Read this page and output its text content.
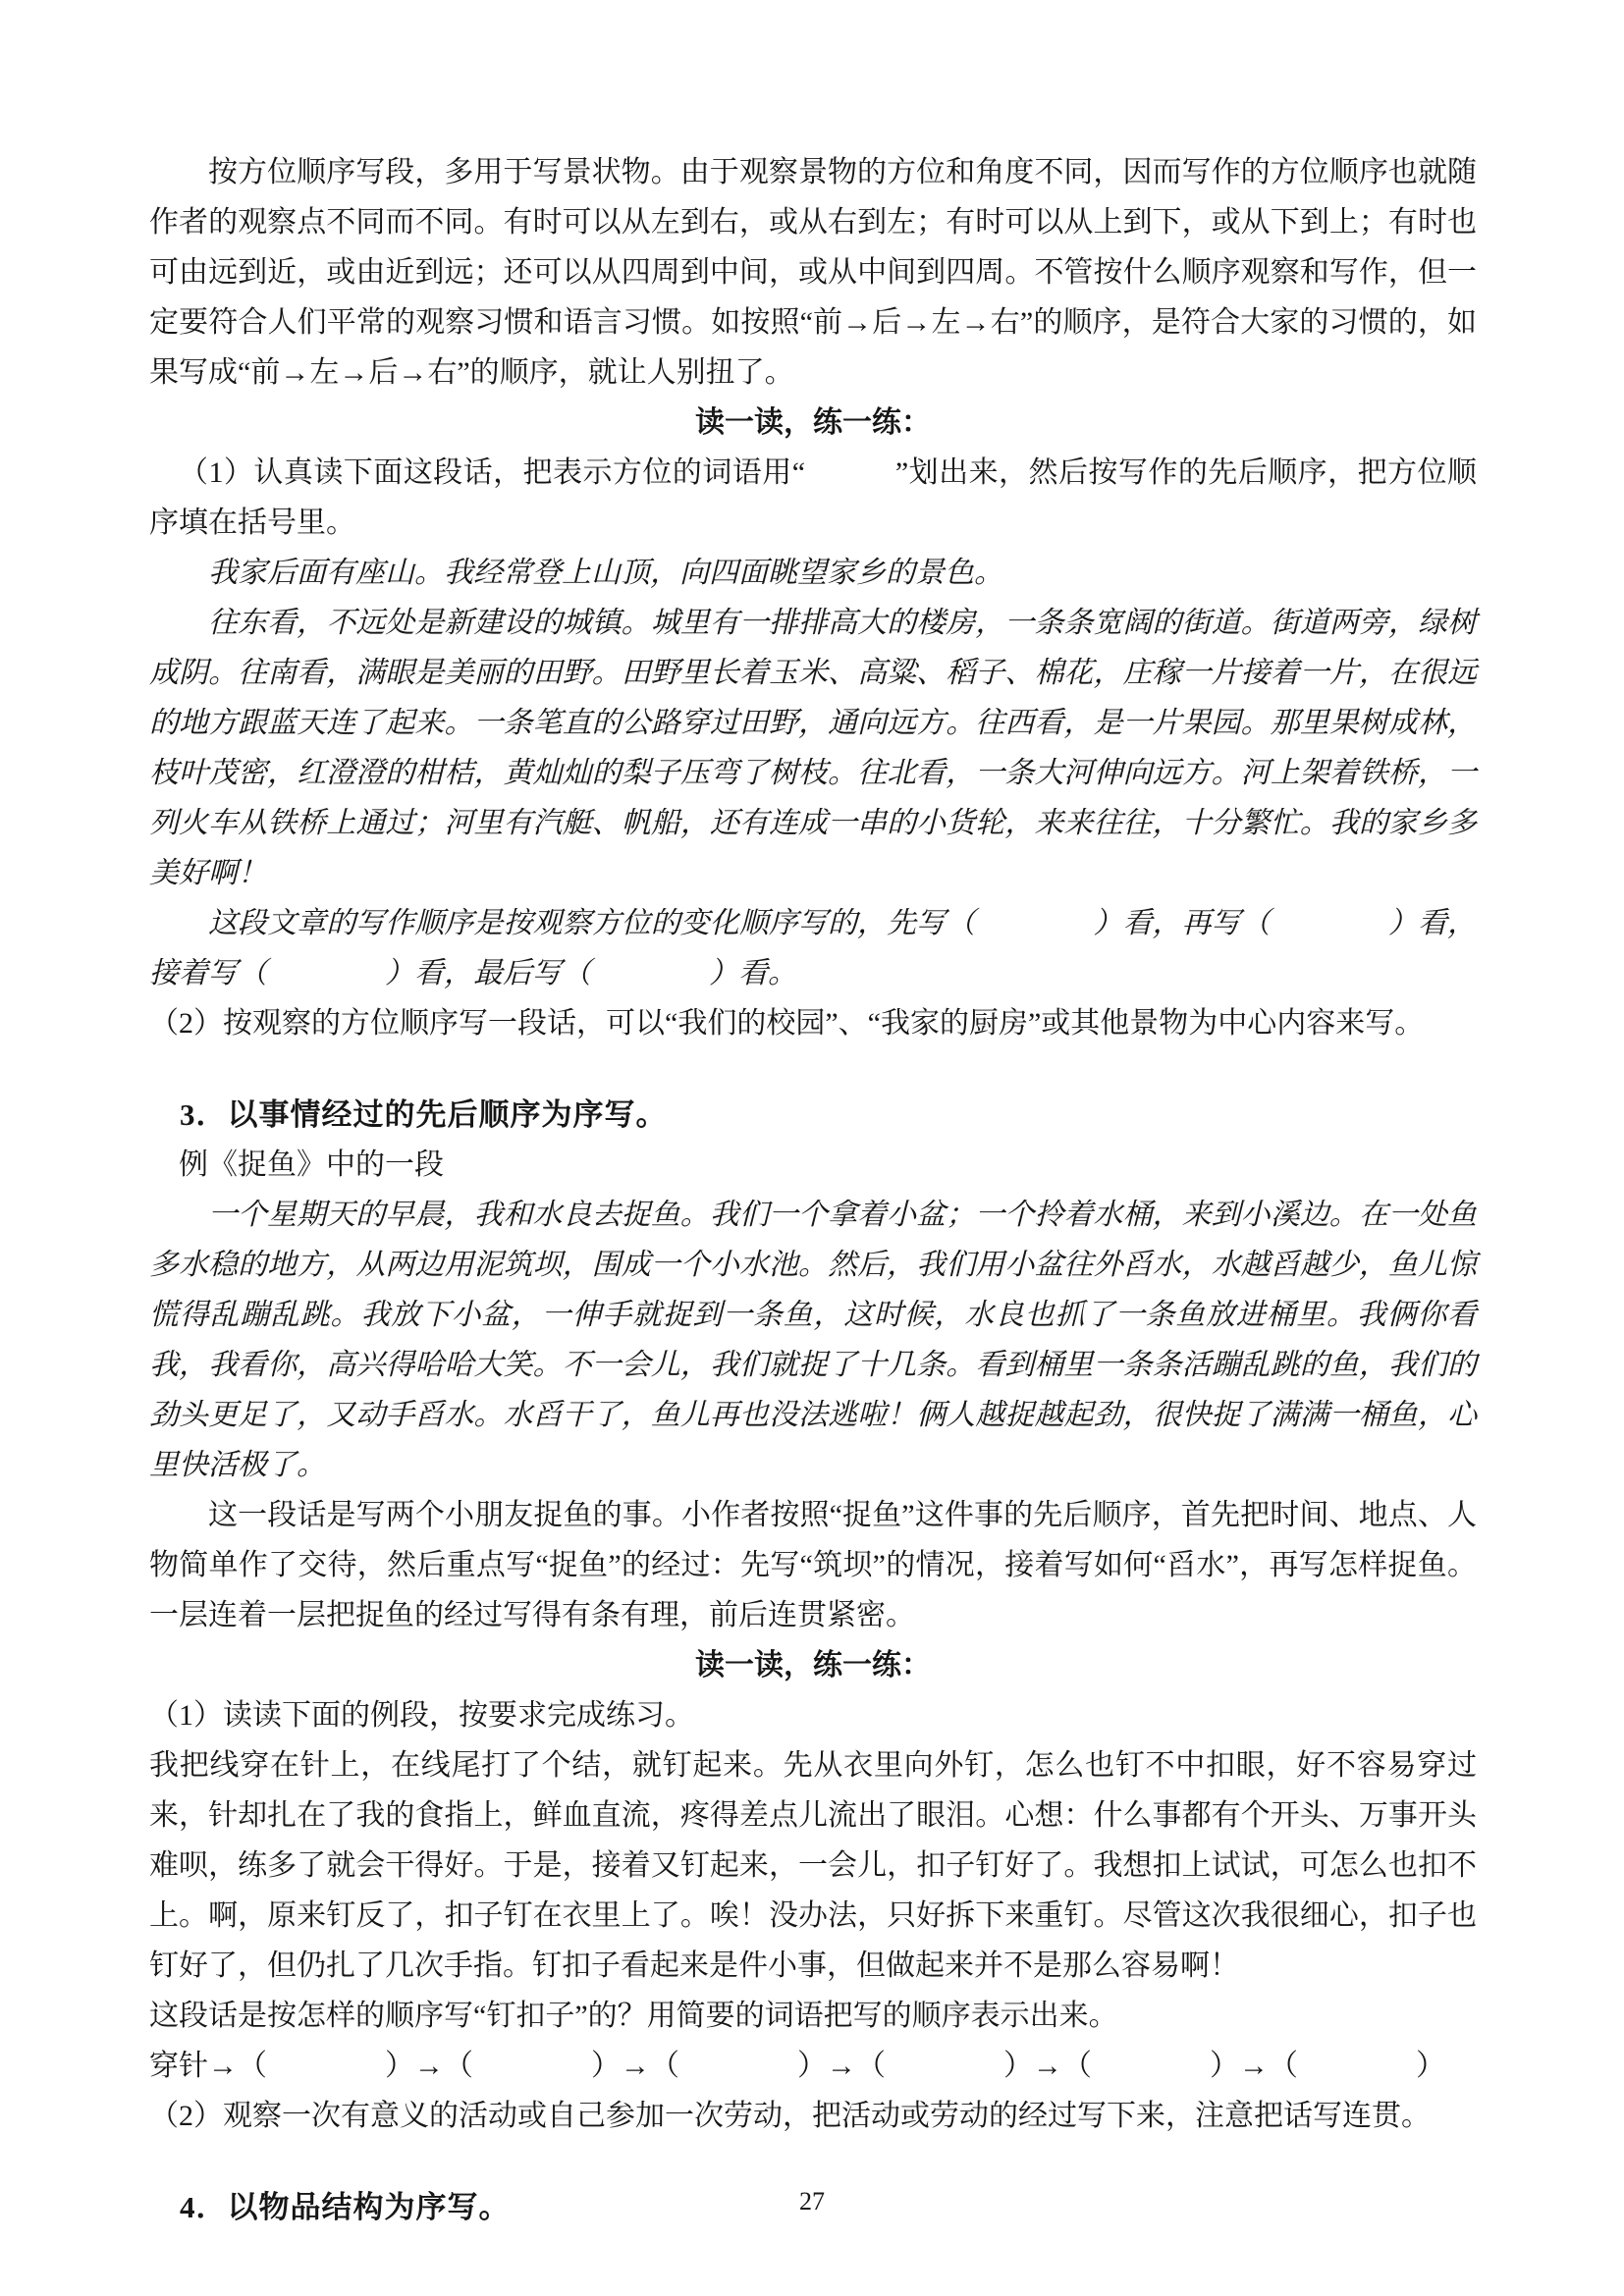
按方位顺序写段，多用于写景状物。由于观察景物的方位和角度不同，因而写作的方位顺序也就随作者的观察点不同而不同。有时可以从左到右，或从右到左；有时可以从上到下，或从下到上；有时也可由远到近，或由近到远；还可以从四周到中间，或从中间到四周。不管按什么顺序观察和写作，但一定要符合人们平常的观察习惯和语言习惯。如按照“前→后→左→右”的顺序，是符合大家的习惯的，如果写成“前→左→后→右”的顺序，就让人别扭了。

读一读，练一练：

（1）认真读下面这段话，把表示方位的词语用“　　　”划出来，然后按写作的先后顺序，把方位顺序填在括号里。

我家后面有座山。我经常登上山顶，向四面眺望家乡的景色。

往东看，不远处是新建设的城镇。城里有一排排高大的楼房，一条条宽阔的街道。街道两旁，绿树成阴。往南看，满眼是美丽的田野。田野里长着玉米、高粱、稻子、棉花，庄稼一片接着一片，在很远的地方跟蓝天连了起来。一条笔直的公路穿过田野，通向远方。往西看，是一片果园。那里果树成林，枝叶茂密，红澄澄的柑桔，黄灿灿的梨子压弯了树枝。往北看，一条大河伸向远方。河上架着铁桥，一列火车从铁桥上通过；河里有汽艇、帆船，还有连成一串的小货轮，来来往往，十分繁忙。我的家乡多美好啊！

这段文章的写作顺序是按观察方位的变化顺序写的，先写（　　　　）看，再写（　　　　）看，接着写（　　　　）看，最后写（　　　　）看。

（2）按观察的方位顺序写一段话，可以“我们的校园”、“我家的厨房”或其他景物为中心内容来写。

3．以事情经过的先后顺序为序写。

例《捉鱼》中的一段

一个星期天的早晨，我和水良去捉鱼。我们一个拿着小盆；一个拎着水桶，来到小溪边。在一处鱼多水稳的地方，从两边用泥筑坝，围成一个小水池。然后，我们用小盆往外舀水，水越舀越少，鱼儿惊慌得乱蹦乱跳。我放下小盆，一伸手就捉到一条鱼，这时候，水良也抓了一条鱼放进桶里。我俩你看我，我看你，高兴得哈哈大笑。不一会儿，我们就捉了十几条。看到桶里一条条活蹦乱跳的鱼，我们的劲头更足了，又动手舀水。水舀干了，鱼儿再也没法逃啦！俩人越捉越起劲，很快捉了满满一桶鱼，心里快活极了。

这一段话是写两个小朋友捉鱼的事。小作者按照“捉鱼”这件事的先后顺序，首先把时间、地点、人物简单作了交待，然后重点写“捉鱼”的经过：先写“筑坝”的情况，接着写如何“舀水”，再写怎样捉鱼。一层连着一层把捉鱼的经过写得有条有理，前后连贯紧密。

读一读，练一练：

（1）读读下面的例段，按要求完成练习。

我把线穿在针上，在线尾打了个结，就钉起来。先从衣里向外钉，怎么也钉不中扣眼，好不容易穿过来，针却扎在了我的食指上，鲜血直流，疼得差点儿流出了眼泪。心想：什么事都有个开头、万事开头难呗，练多了就会干得好。于是，接着又钉起来，一会儿，扣子钉好了。我想扣上试试，可怎么也扣不上。啊，原来钉反了，扣子钉在衣里上了。唉！没办法，只好拆下来重钉。尽管这次我很细心，扣子也钉好了，但仍扎了几次手指。钉扣子看起来是件小事，但做起来并不是那么容易啊！

这段话是按怎样的顺序写“钉扣子”的？用简要的词语把写的顺序表示出来。

穿针→（　　　　）→（　　　　）→（　　　　）→（　　　　）→（　　　　）→（　　　　）

（2）观察一次有意义的活动或自己参加一次劳动，把活动或劳动的经过写下来，注意把话写连贯。

4．以物品结构为序写。	27
